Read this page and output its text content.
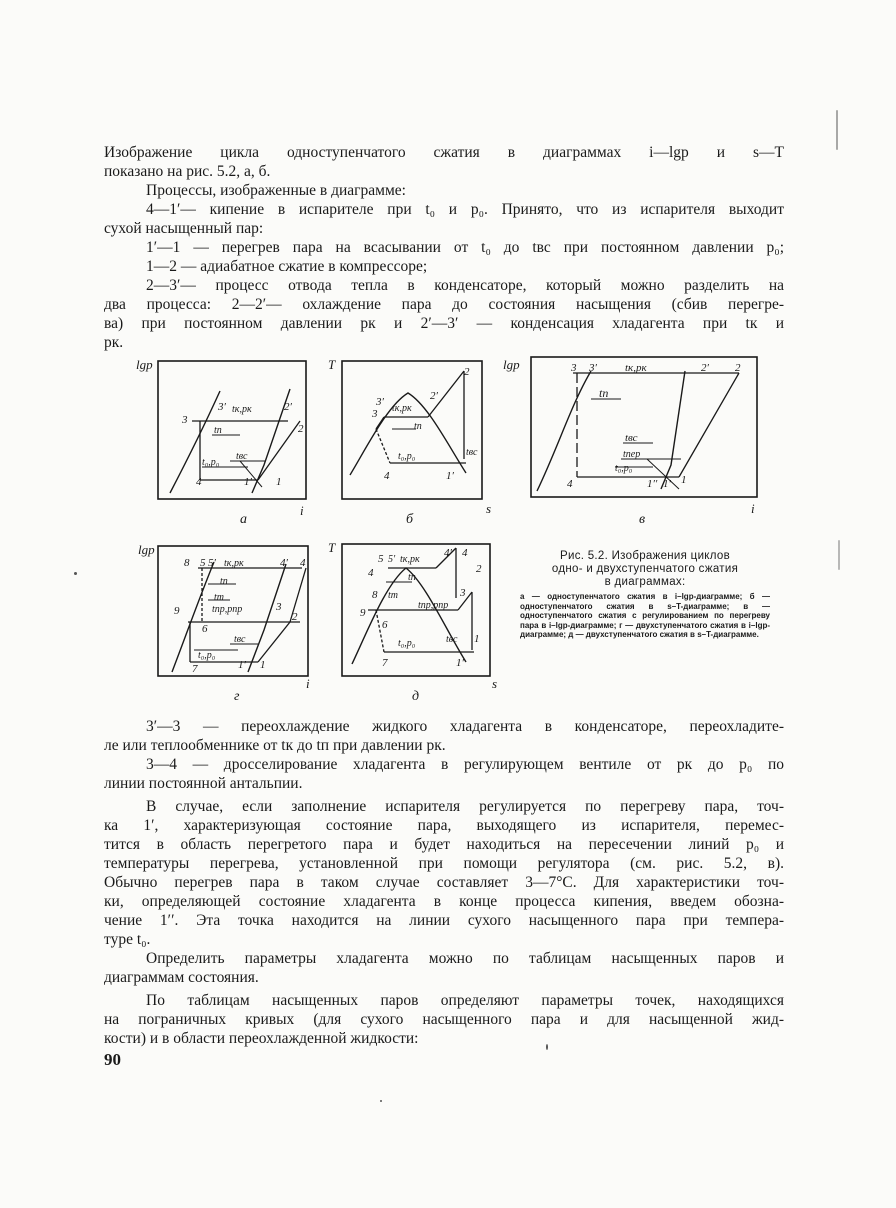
Изображение цикла одноступенчатого сжатия в диаграммах i—lgp и s—T

показано на рис. 5.2, а, б.

Процессы, изображенные в диаграмме:

4—1′— кипение в испарителе при t₀ и p₀. Принято, что из испарителя выходит

сухой насыщенный пар:

1′—1 — перегрев пара на всасывании от t₀ до tвс при постоянном давлении p₀;

1—2 — адиабатное сжатие в компрессоре;

2—3′— процесс отвода тепла в конденсаторе, который можно разделить на

два процесса: 2—2′— охлаждение пара до состояния насыщения (сбив перегре-

ва) при постоянном давлении pк и 2′—3′ — конденсация хладагента при tк и

pк.

lgp
3
3′ tк,pк	2′
2
tп
tвс
t₀,p₀
4	1′ 1
а
i
T	2
2′
3′
3 tк,pк
tп
t₀,p₀	tвс
4	1′
б
s
lgp	3 3′	tк,pк	2′ 2
tп
tвс
tпер
t₀,p₀
4	1′′ 1′ 1
в
i
lgp
8 5 5′ tк,pк	4′ 4
tп
tт
tпр,pпр
9	3
2
6
tвс
t₀,p₀
7	1′ 1
г
i
T
5 5′ tк,pк
4′ 4
4	tп
8 tт
tпр,pпр
9
2
3
6
t₀,p₀	tвс 1
7	1′
д
s
Рис. 5.2. Изображения циклов
одно- и двухступенчатого сжатия
в диаграммах:
а — одноступенчатого сжатия в i–lgp-диаграмме; б — одноступенчатого сжатия в s–T-диаграмме; в — одноступенчатого сжатия с регулированием по перегреву пара в i–lgp-диаграмме; г — двухступенчатого сжатия в i–lgp-диаграмме; д — двухступенчатого сжатия в s–T-диаграмме.

3′—3 — переохлаждение жидкого хладагента в конденсаторе, переохладите-

ле или теплообменнике от tк до tп при давлении pк.

3—4 — дросселирование хладагента в регулирующем вентиле от pк до p₀ по

линии постоянной антальпии.

В случае, если заполнение испарителя регулируется по перегреву пара, точ-

ка 1′, характеризующая состояние пара, выходящего из испарителя, перемес-

тится в область перегретого пара и будет находиться на пересечении линий p₀ и

температуры перегрева, установленной при помощи регулятора (см. рис. 5.2, в).

Обычно перегрев пара в таком случае составляет 3—7°С. Для характеристики точ-

ки, определяющей состояние хладагента в конце процесса кипения, введем обозна-

чение 1′′. Эта точка находится на линии сухого насыщенного пара при темпера-

туре t₀.

Определить параметры хладагента можно по таблицам насыщенных паров и

диаграммам состояния.

По таблицам насыщенных паров определяют параметры точек, находящихся

на пограничных кривых (для сухого насыщенного пара и для насыщенной жид-

кости) и в области переохлажденной жидкости:

90
